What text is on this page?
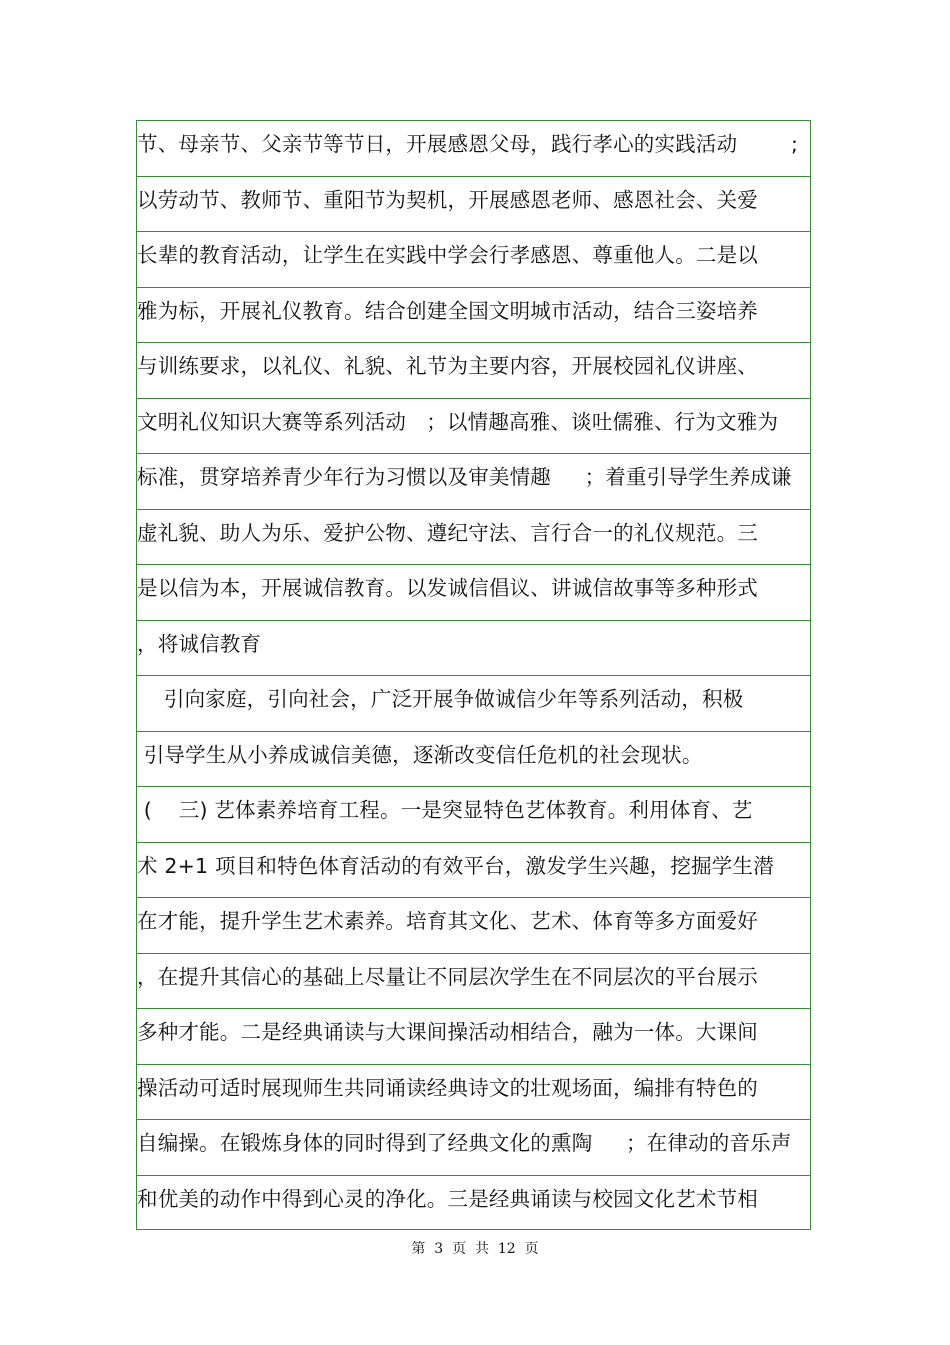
节、母亲节、父亲节等节日，开展感恩父母，践行孝心的实践活动        ;
以劳动节、教师节、重阳节为契机，开展感恩老师、感恩社会、关爱
长辈的教育活动，让学生在实践中学会行孝感恩、尊重他人。二是以
雅为标，开展礼仪教育。结合创建全国文明城市活动，结合三姿培养
与训练要求，以礼仪、礼貌、礼节为主要内容，开展校园礼仪讲座、
文明礼仪知识大赛等系列活动   ；以情趣高雅、谈吐儒雅、行为文雅为
标准，贯穿培养青少年行为习惯以及审美情趣     ；着重引导学生养成谦
虚礼貌、助人为乐、爱护公物、遵纪守法、言行合一的礼仪规范。三
是以信为本，开展诚信教育。以发诚信倡议、讲诚信故事等多种形式
，将诚信教育
引向家庭，引向社会，广泛开展争做诚信少年等系列活动，积极
引导学生从小养成诚信美德，逐渐改变信任危机的社会现状。
(    三) 艺体素养培育工程。一是突显特色艺体教育。利用体育、艺
术 2+1 项目和特色体育活动的有效平台，激发学生兴趣，挖掘学生潜
在才能，提升学生艺术素养。培育其文化、艺术、体育等多方面爱好
，在提升其信心的基础上尽量让不同层次学生在不同层次的平台展示
多种才能。二是经典诵读与大课间操活动相结合，融为一体。大课间
操活动可适时展现师生共同诵读经典诗文的壮观场面，编排有特色的
自编操。在锻炼身体的同时得到了经典文化的熏陶     ；在律动的音乐声
和优美的动作中得到心灵的净化。三是经典诵读与校园文化艺术节相
第  3  页  共  12  页
